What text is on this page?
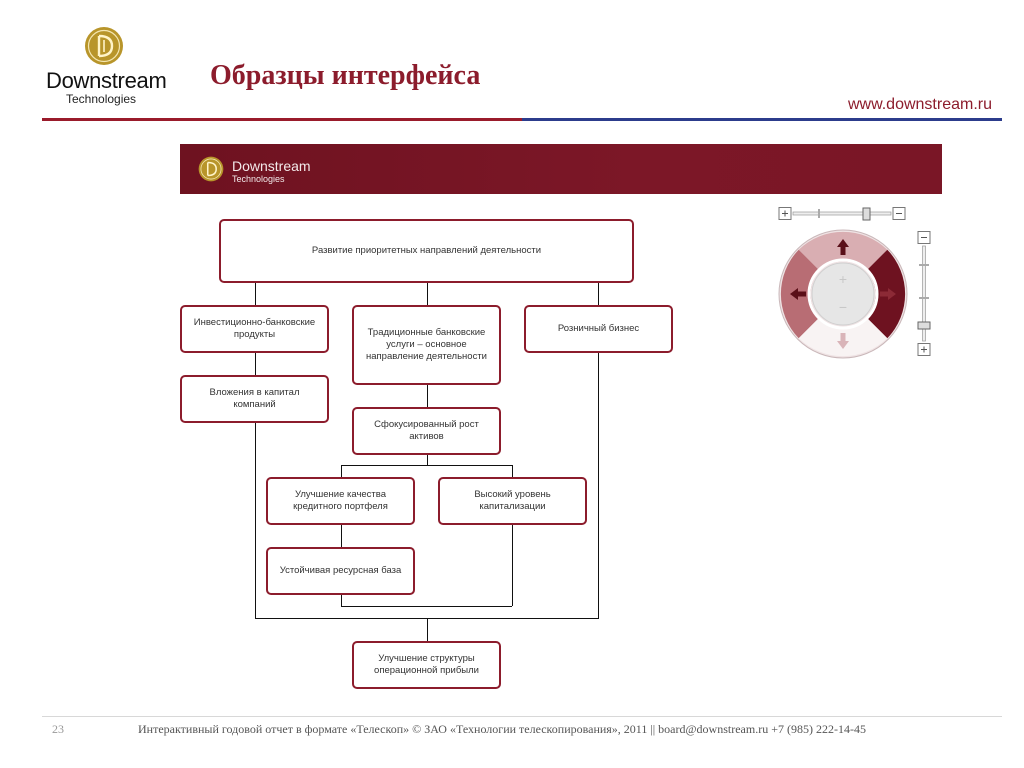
Downstream
Technologies
Образцы интерфейса
www.downstream.ru
Downstream
Technologies
Развитие приоритетных направлений деятельности
Инвестиционно-банковские продукты	Традиционные банковские услуги – основное направление деятельности
Розничный бизнес
Вложения в капитал компаний
Сфокусированный рост активов
Улучшение качества кредитного портфеля
Высокий уровень капитализации
Устойчивая ресурсная база
Улучшение структуры операционной прибыли
+
−
23	Интерактивный годовой отчет в формате «Телескоп» © ЗАО «Технологии телескопирования», 2011 || board@downstream.ru +7 (985) 222-14-45
